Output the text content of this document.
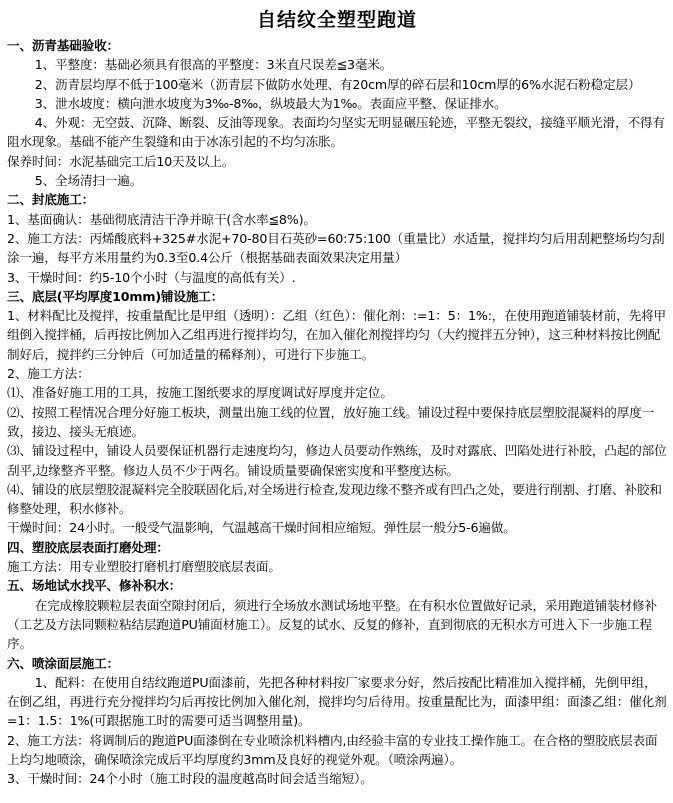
自结纹全塑型跑道
一、沥青基础验收：
1、平整度：基础必须具有很高的平整度：3米直尺误差≦3毫米。
2、沥青层均厚不低于100毫米（沥青层下做防水处理、有20cm厚的碎石层和10cm厚的6%水泥石粉稳定层）
3、泄水坡度：横向泄水坡度为3‰-8‰，纵坡最大为1‰。表面应平整、保证排水。
4、外观：无空鼓、沉降、断裂、反油等现象。表面均匀坚实无明显碾压轮迹，平整无裂纹，接缝平顺光滑，不得有阻水现象。基础不能产生裂缝和由于冰冻引起的不均匀冻胀。
保养时间：水泥基础完工后10天及以上。
5、全场清扫一遍。
二、封底施工：
1、基面确认：基础彻底清洁干净并晾干(含水率≦8%)。
2、施工方法：丙烯酸底料+325#水泥+70-80目石英砂=60:75:100（重量比）水适量，搅拌均匀后用刮耙整场均匀刮涂一遍，每平方米用量约为0.3至0.4公斤（根据基础表面效果决定用量）
3、干燥时间：约5-10个小时（与温度的高低有关）.
三、底层(平均厚度10mm)铺设施工：
1、材料配比及搅拌，按重量配比是甲组（透明）：乙组（红色）：催化剂：:=1：5：1%:，在使用跑道铺装材前，先将甲组倒入搅拌桶，后再按比例加入乙组再进行搅拌均匀，在加入催化剂搅拌均匀（大约搅拌五分钟），这三种材料按比例配制好后，搅拌约三分钟后（可加适量的稀释剂），可进行下步施工。
2、施工方法：
⑴、准备好施工用的工具，按施工图纸要求的厚度调试好厚度并定位。
⑵、按照工程情况合理分好施工板块，测量出施工线的位置，放好施工线。铺设过程中要保持底层塑胶混凝料的厚度一致，接边、接头无痕迹。
⑶、铺设过程中，铺设人员要保证机器行走速度均匀，修边人员要动作熟练，及时对露底、凹陷处进行补胶，凸起的部位刮平,边缘整齐平整。修边人员不少于两名。铺设质量要确保密实度和平整度达标。
⑷、铺设的底层塑胶混凝料完全胶联固化后,对全场进行检查,发现边缘不整齐或有凹凸之处，要进行削割、打磨、补胶和修整处理，积水修补。
干燥时间：24小时。一般受气温影响，气温越高干燥时间相应缩短。弹性层一般分5-6遍做。
四、塑胶底层表面打磨处理：
施工方法：用专业塑胶打磨机打磨塑胶底层表面。
五、场地试水找平、修补积水：
在完成橡胶颗粒层表面空隙封闭后，须进行全场放水测试场地平整。在有积水位置做好记录，采用跑道铺装材修补（工艺及方法同颗粒粘结层跑道PU铺面材施工）。反复的试水、反复的修补，直到彻底的无积水方可进入下一步施工程序。
六、喷涂面层施工：
1、配料：在使用自结纹跑道PU面漆前，先把各种材料按厂家要求分好，然后按配比精准加入搅拌桶，先倒甲组，在倒乙组，再进行充分搅拌均匀后再按比例加入催化剂，搅拌均匀后待用。按重量配比为，面漆甲组：面漆乙组：催化剂=1：1.5：1%(可跟据施工时的需要可适当调整用量)。
2、施工方法：将调制后的跑道PU面漆倒在专业喷涂机料槽内,由经验丰富的专业技工操作施工。在合格的塑胶底层表面上均匀地喷涂，确保喷涂完成后平均厚度约3mm及良好的视觉外观。（喷涂两遍）。
3、干燥时间：24个小时（施工时段的温度越高时间会适当缩短）。
